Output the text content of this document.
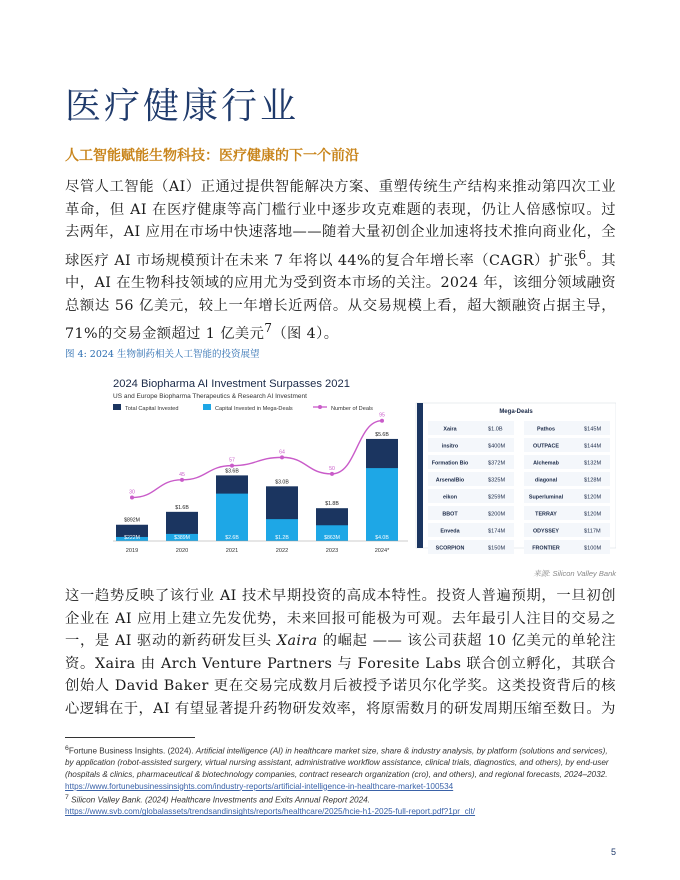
医疗健康行业
人工智能赋能生物科技：医疗健康的下一个前沿

尽管人工智能（AI）正通过提供智能解决方案、重塑传统生产结构来推动第四次工业革命，但 AI 在医疗健康等高门槛行业中逐步攻克难题的表现，仍让人倍感惊叹。过去两年，AI 应用在市场中快速落地——随着大量初创企业加速将技术推向商业化，全球医疗 AI 市场规模预计在未来 7 年将以 44%的复合年增长率（CAGR）扩张$^6$。其中，AI 在生物科技领域的应用尤为受到资本市场的关注。2024 年，该细分领域融资总额达 56 亿美元，较上一年增长近两倍。从交易规模上看，超大额融资占据主导，71%的交易金额超过 1 亿美元$^7$（图 4）。

图 4: 2024 生物制药相关人工智能的投资展望
2024 Biopharma AI Investment Surpasses 2021
US and Europe Biopharma Therapeutics & Research AI Investment
Total Capital Invested	Capital Invested in Mega-Deals	Number of Deals
$892M
$222M
$1.6B
$389M
$3.6B
$2.6B
$3.0B
$1.2B
$1.8B
$863M
$5.6B
$4.0B
30
45
57
64
50
95
2019	2020	2021	2022	2023	2024*
Mega-Deals
Xaira	$1.0B
insitro	$400M
Formation Bio	$372M
ArsenalBio	$325M
eikon	$259M
BBOT	$200M
Enveda	$174M
SCORPION	$150M
Pathos	$145M
OUTPACE	$144M
Alchemab	$132M
diagonal	$128M
Superluminal	$120M
TERRAY	$120M
ODYSSEY	$117M
FRONTIER	$100M
来源: Silicon Valley Bank

这一趋势反映了该行业 AI 技术早期投资的高成本特性。投资人普遍预期，一旦初创企业在 AI 应用上建立先发优势，未来回报可能极为可观。去年最引人注目的交易之一，是 AI 驱动的新药研发巨头 Xaira 的崛起 —— 该公司获超 10 亿美元的单轮注资。Xaira 由 Arch Venture Partners 与 Foresite Labs 联合创立孵化，其联合创始人 David Baker 更在交易完成数月后被授予诺贝尔化学奖。这类投资背后的核心逻辑在于，AI 有望显著提升药物研发效率，将原需数月的研发周期压缩至数日。为

$^6$Fortune Business Insights. (2024). Artificial intelligence (AI) in healthcare market size, share & industry analysis, by platform (solutions and services), by application (robot-assisted surgery, virtual nursing assistant, administrative workflow assistance, clinical trials, diagnostics, and others), by end-user (hospitals & clinics, pharmaceutical & biotechnology companies, contract research organization (cro), and others), and regional forecasts, 2024–2032. https://www.fortunebusinessinsights.com/industry-reports/artificial-intelligence-in-healthcare-market-100534

$^7$ Silicon Valley Bank. (2024) Healthcare Investments and Exits Annual Report 2024.
https://www.svb.com/globalassets/trendsandinsights/reports/healthcare/2025/hcie-h1-2025-full-report.pdf?1pr_clt/

5
